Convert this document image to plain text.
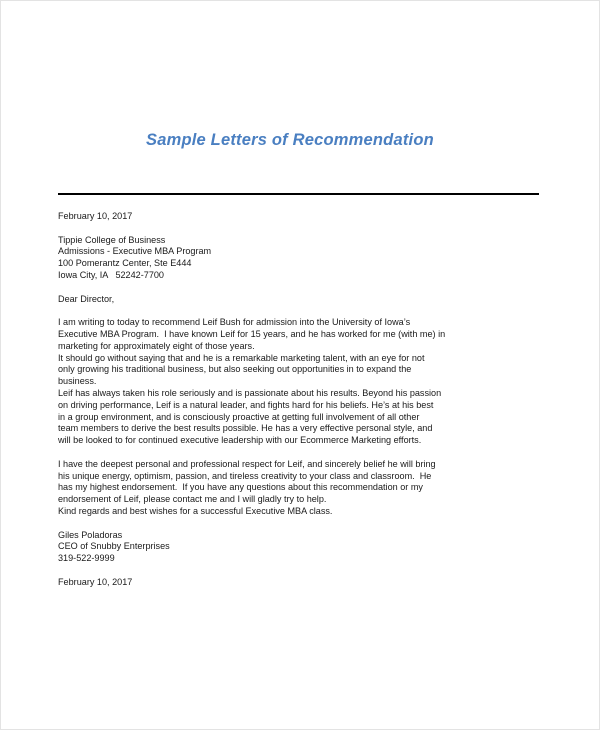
Sample Letters of Recommendation
February 10, 2017
Tippie College of Business
Admissions - Executive MBA Program
100 Pomerantz Center, Ste E444
Iowa City, IA   52242-7700
Dear Director,
I am writing to today to recommend Leif Bush for admission into the University of Iowa’s
Executive MBA Program.  I have known Leif for 15 years, and he has worked for me (with me) in
marketing for approximately eight of those years.
It should go without saying that and he is a remarkable marketing talent, with an eye for not
only growing his traditional business, but also seeking out opportunities in to expand the
business.
Leif has always taken his role seriously and is passionate about his results. Beyond his passion
on driving performance, Leif is a natural leader, and fights hard for his beliefs. He’s at his best
in a group environment, and is consciously proactive at getting full involvement of all other
team members to derive the best results possible. He has a very effective personal style, and
will be looked to for continued executive leadership with our Ecommerce Marketing efforts.
I have the deepest personal and professional respect for Leif, and sincerely belief he will bring
his unique energy, optimism, passion, and tireless creativity to your class and classroom.  He
has my highest endorsement.  If you have any questions about this recommendation or my
endorsement of Leif, please contact me and I will gladly try to help.
Kind regards and best wishes for a successful Executive MBA class.
Giles Poladoras
CEO of Snubby Enterprises
319-522-9999
February 10, 2017
